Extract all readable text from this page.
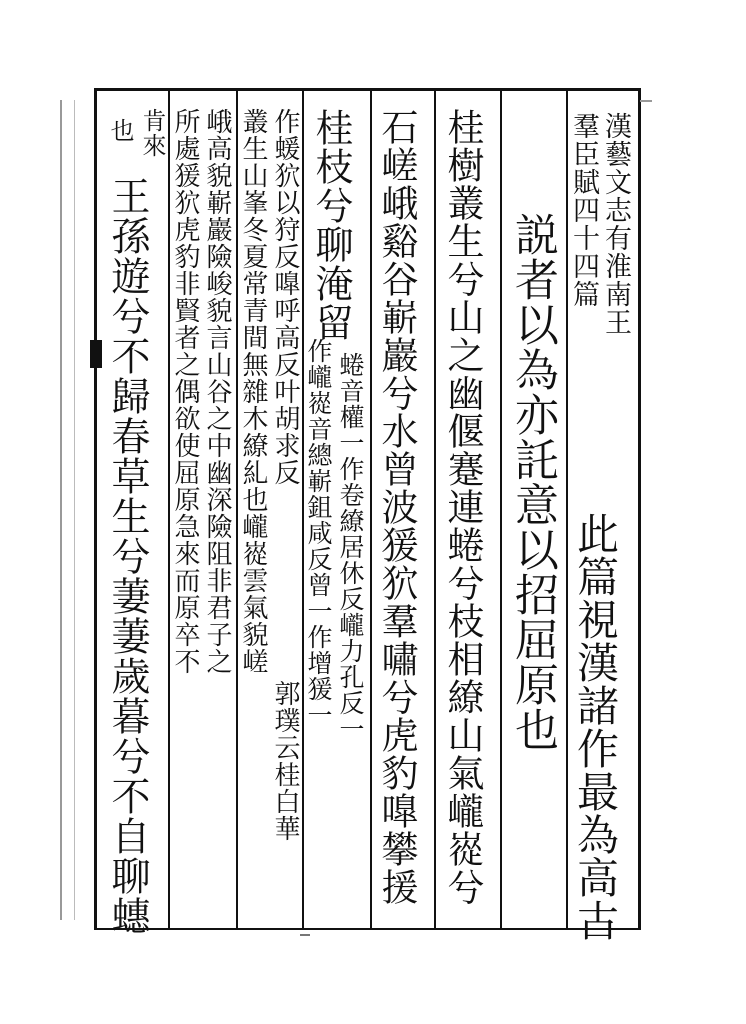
漢藝文志有淮南王
羣臣賦四十四篇
此篇視漢諸作最為高古
説者以為亦託意以招屈原也
桂樹叢生兮山之幽偃蹇連蜷兮枝相繚山氣巄嵸兮
石嵯峨谿谷嶄巖兮水曾波猨狖羣嘯兮虎豹嘷攀援
桂枝兮聊淹留
蜷音權一作卷繚居休反巄力孔反一
作巄嵸音總嶄鉏咸反曾一作增猨一
作蝯狖以狩反嘷呼高反叶胡求反
郭璞云桂白華
叢生山峯冬夏常青間無雜木繚糺也巄嵸雲氣貌嵯
峨高貌嶄巖險峻貌言山谷之中幽深險阻非君子之
所處猨狖虎豹非賢者之偶欲使屈原急來而原卒不
肯來
也
王孫遊兮不歸春草生兮萋萋歲暮兮不自聊蟪
